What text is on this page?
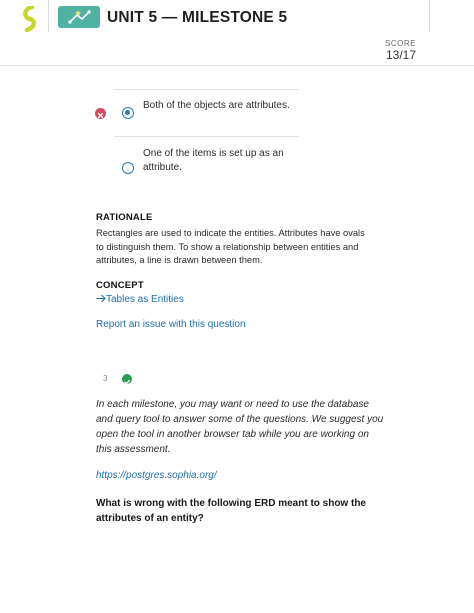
UNIT 5 — MILESTONE 5
SCORE
13/17
Both of the objects are attributes.
One of the items is set up as an attribute.
RATIONALE
Rectangles are used to indicate the entities. Attributes have ovals to distinguish them. To show a relationship between entities and attributes, a line is drawn between them.
CONCEPT
Tables as Entities
Report an issue with this question
3
In each milestone, you may want or need to use the database and query tool to answer some of the questions. We suggest you open the tool in another browser tab while you are working on this assessment.
https://postgres.sophia.org/
What is wrong with the following ERD meant to show the attributes of an entity?
